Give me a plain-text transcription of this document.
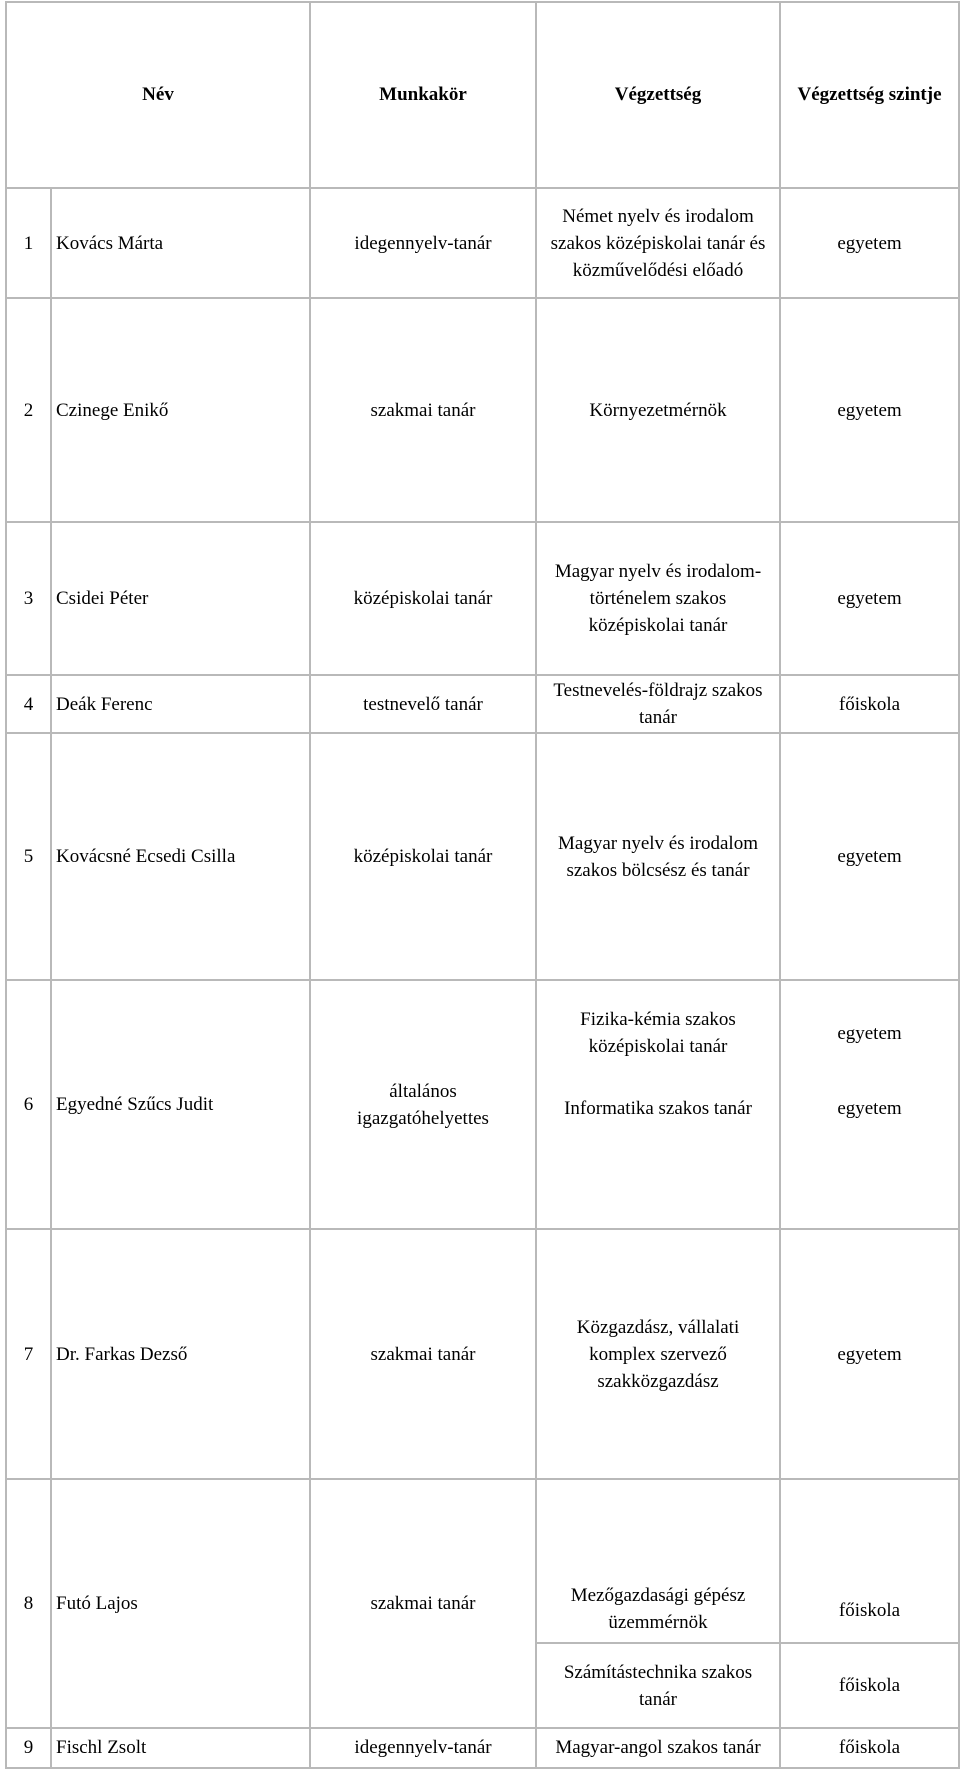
Név		Munkakör	Végzettség	Végzettség szintje
1	Kovács Márta	idegennyelv-tanár	Német nyelv és irodalom
szakos középiskolai tanár és
közművelődési előadó	egyetem
2	Czinege Enikő	szakmai tanár	Környezetmérnök	egyetem
3	Csidei Péter	középiskolai tanár	Magyar nyelv és irodalom-
történelem szakos
középiskolai tanár	egyetem
4	Deák Ferenc	testnevelő tanár	Testnevelés-földrajz szakos
tanár	főiskola
5	Kovácsné Ecsedi Csilla	középiskolai tanár	Magyar nyelv és irodalom
szakos bölcsész és tanár	egyetem
6	Egyedné Szűcs Judit	általános
igazgatóhelyettes	Fizika-kémia szakos
középiskolai tanár	egyetem

			Informatika szakos tanár	egyetem
7	Dr. Farkas Dezső	szakmai tanár	Közgazdász, vállalati
komplex szervező
szakközgazdász	egyetem
8	Futó Lajos	szakmai tanár	Mezőgazdasági gépész
üzemmérnök	főiskola

			Számítástechnika szakos
tanár	főiskola
9	Fischl Zsolt	idegennyelv-tanár	Magyar-angol szakos tanár	főiskola
